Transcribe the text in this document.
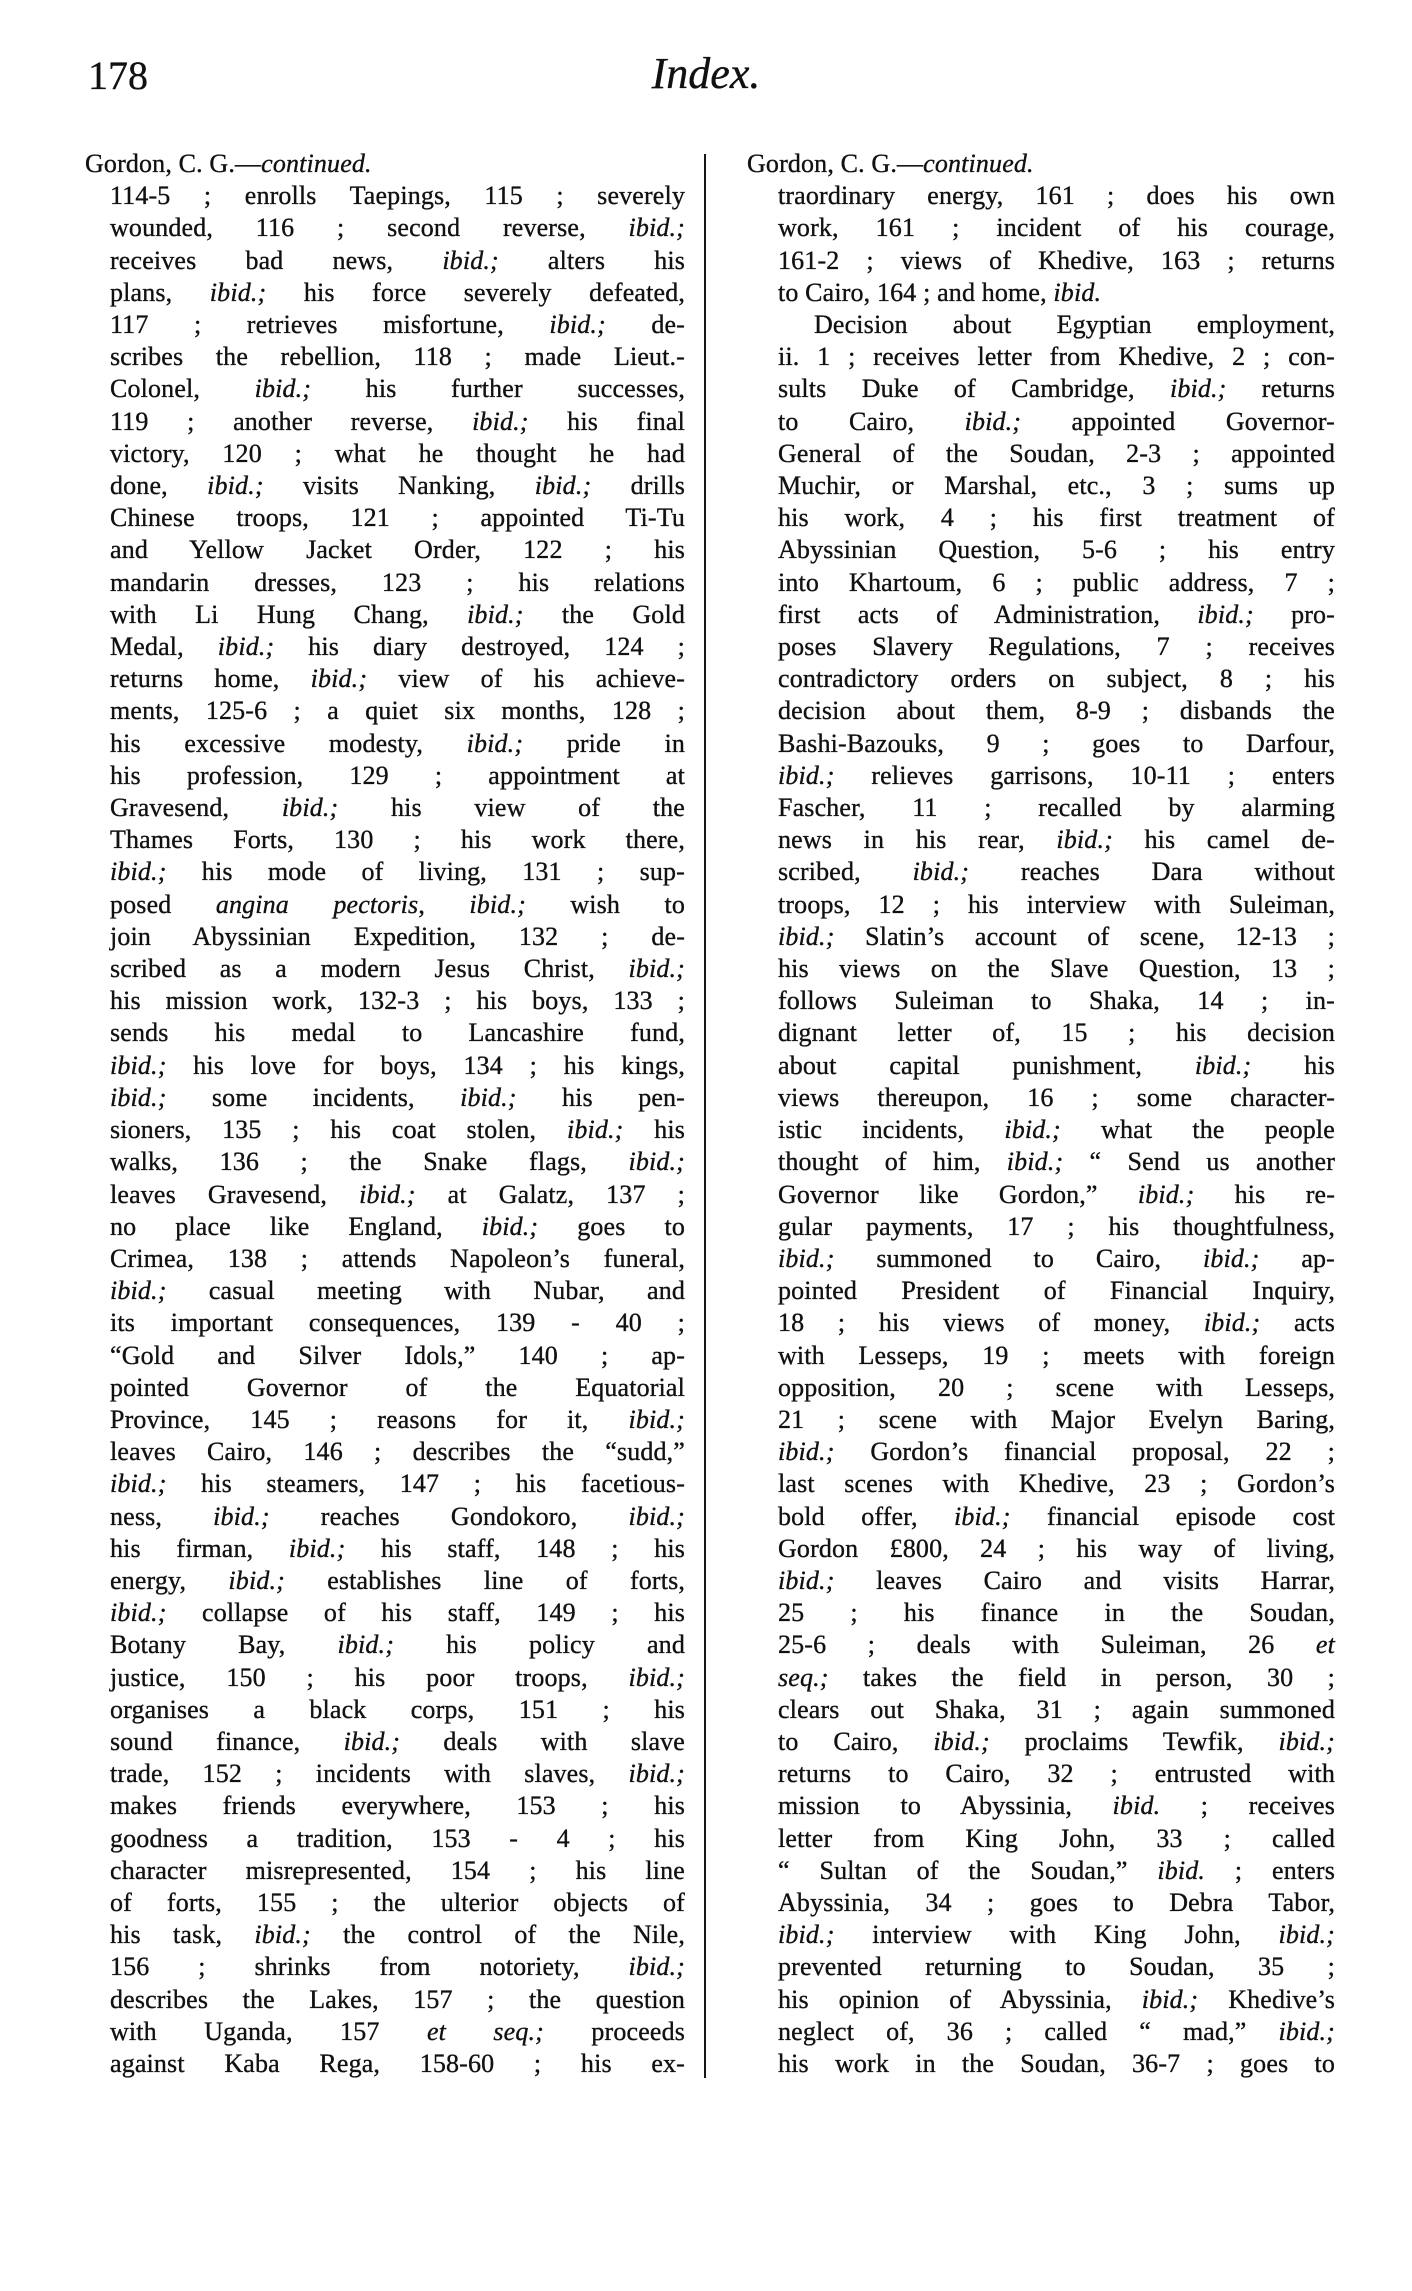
178	Index.
Gordon, C. G.—continued.
114-5 ; enrolls Taepings, 115 ; severely
wounded, 116 ; second reverse, ibid.;
receives bad news, ibid.; alters his
plans, ibid.; his force severely defeated,
117 ; retrieves misfortune, ibid.; de-
scribes the rebellion, 118 ; made Lieut.-
Colonel, ibid.; his further successes,
119 ; another reverse, ibid.; his final
victory, 120 ; what he thought he had
done, ibid.; visits Nanking, ibid.; drills
Chinese troops, 121 ; appointed Ti-Tu
and Yellow Jacket Order, 122 ; his
mandarin dresses, 123 ; his relations
with Li Hung Chang, ibid.; the Gold
Medal, ibid.; his diary destroyed, 124 ;
returns home, ibid.; view of his achieve-
ments, 125-6 ; a quiet six months, 128 ;
his excessive modesty, ibid.; pride in
his profession, 129 ; appointment at
Gravesend, ibid.; his view of the
Thames Forts, 130 ; his work there,
ibid.; his mode of living, 131 ; sup-
posed angina pectoris, ibid.; wish to
join Abyssinian Expedition, 132 ; de-
scribed as a modern Jesus Christ, ibid.;
his mission work, 132-3 ; his boys, 133 ;
sends his medal to Lancashire fund,
ibid.; his love for boys, 134 ; his kings,
ibid.; some incidents, ibid.; his pen-
sioners, 135 ; his coat stolen, ibid.; his
walks, 136 ; the Snake flags, ibid.;
leaves Gravesend, ibid.; at Galatz, 137 ;
no place like England, ibid.; goes to
Crimea, 138 ; attends Napoleon’s funeral,
ibid.; casual meeting with Nubar, and
its important consequences, 139 - 40 ;
“Gold and Silver Idols,” 140 ; ap-
pointed Governor of the Equatorial
Province, 145 ; reasons for it, ibid.;
leaves Cairo, 146 ; describes the “sudd,”
ibid.; his steamers, 147 ; his facetious-
ness, ibid.; reaches Gondokoro, ibid.;
his firman, ibid.; his staff, 148 ; his
energy, ibid.; establishes line of forts,
ibid.; collapse of his staff, 149 ; his
Botany Bay, ibid.; his policy and
justice, 150 ; his poor troops, ibid.;
organises a black corps, 151 ; his
sound finance, ibid.; deals with slave
trade, 152 ; incidents with slaves, ibid.;
makes friends everywhere, 153 ; his
goodness a tradition, 153 - 4 ; his
character misrepresented, 154 ; his line
of forts, 155 ; the ulterior objects of
his task, ibid.; the control of the Nile,
156 ; shrinks from notoriety, ibid.;
describes the Lakes, 157 ; the question
with Uganda, 157 et seq.; proceeds
against Kaba Rega, 158-60 ; his ex-
Gordon, C. G.—continued.
traordinary energy, 161 ; does his own
work, 161 ; incident of his courage,
161-2 ; views of Khedive, 163 ; returns
to Cairo, 164 ; and home, ibid.
Decision about Egyptian employment,
ii. 1 ; receives letter from Khedive, 2 ; con-
sults Duke of Cambridge, ibid.; returns
to Cairo, ibid.; appointed Governor-
General of the Soudan, 2-3 ; appointed
Muchir, or Marshal, etc., 3 ; sums up
his work, 4 ; his first treatment of
Abyssinian Question, 5-6 ; his entry
into Khartoum, 6 ; public address, 7 ;
first acts of Administration, ibid.; pro-
poses Slavery Regulations, 7 ; receives
contradictory orders on subject, 8 ; his
decision about them, 8-9 ; disbands the
Bashi-Bazouks, 9 ; goes to Darfour,
ibid.; relieves garrisons, 10-11 ; enters
Fascher, 11 ; recalled by alarming
news in his rear, ibid.; his camel de-
scribed, ibid.; reaches Dara without
troops, 12 ; his interview with Suleiman,
ibid.; Slatin’s account of scene, 12-13 ;
his views on the Slave Question, 13 ;
follows Suleiman to Shaka, 14 ; in-
dignant letter of, 15 ; his decision
about capital punishment, ibid.; his
views thereupon, 16 ; some character-
istic incidents, ibid.; what the people
thought of him, ibid.; “ Send us another
Governor like Gordon,” ibid.; his re-
gular payments, 17 ; his thoughtfulness,
ibid.; summoned to Cairo, ibid.; ap-
pointed President of Financial Inquiry,
18 ; his views of money, ibid.; acts
with Lesseps, 19 ; meets with foreign
opposition, 20 ; scene with Lesseps,
21 ; scene with Major Evelyn Baring,
ibid.; Gordon’s financial proposal, 22 ;
last scenes with Khedive, 23 ; Gordon’s
bold offer, ibid.; financial episode cost
Gordon £800, 24 ; his way of living,
ibid.; leaves Cairo and visits Harrar,
25 ; his finance in the Soudan,
25-6 ; deals with Suleiman, 26 et
seq.; takes the field in person, 30 ;
clears out Shaka, 31 ; again summoned
to Cairo, ibid.; proclaims Tewfik, ibid.;
returns to Cairo, 32 ; entrusted with
mission to Abyssinia, ibid. ; receives
letter from King John, 33 ; called
“ Sultan of the Soudan,” ibid. ; enters
Abyssinia, 34 ; goes to Debra Tabor,
ibid.; interview with King John, ibid.;
prevented returning to Soudan, 35 ;
his opinion of Abyssinia, ibid.; Khedive’s
neglect of, 36 ; called “ mad,” ibid.;
his work in the Soudan, 36-7 ; goes to
